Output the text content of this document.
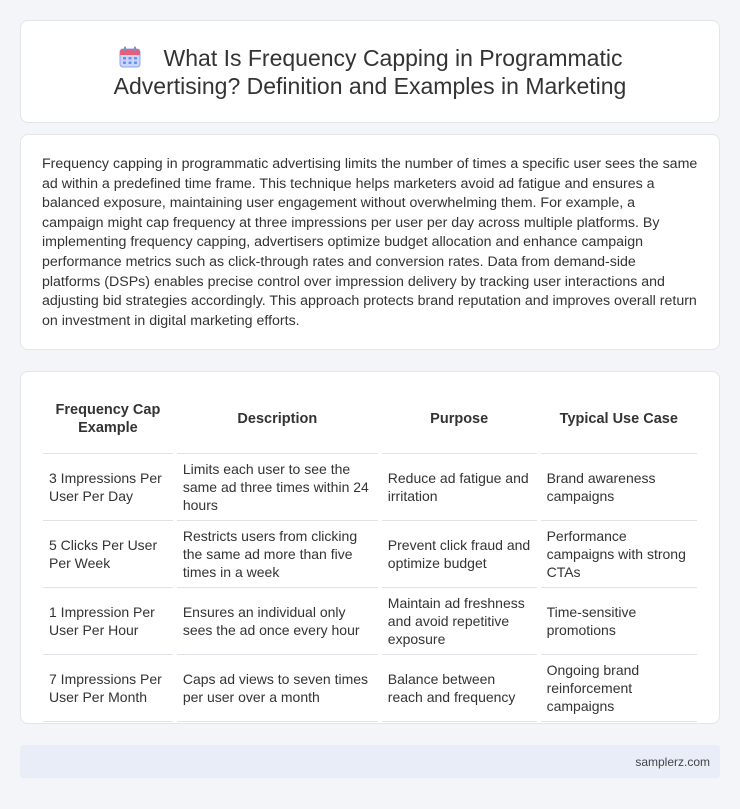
What Is Frequency Capping in Programmatic Advertising? Definition and Examples in Marketing

Frequency capping in programmatic advertising limits the number of times a specific user sees the same ad within a predefined time frame. This technique helps marketers avoid ad fatigue and ensures a balanced exposure, maintaining user engagement without overwhelming them. For example, a campaign might cap frequency at three impressions per user per day across multiple platforms. By implementing frequency capping, advertisers optimize budget allocation and enhance campaign performance metrics such as click-through rates and conversion rates. Data from demand-side platforms (DSPs) enables precise control over impression delivery by tracking user interactions and adjusting bid strategies accordingly. This approach protects brand reputation and improves overall return on investment in digital marketing efforts.

Frequency Cap Example	Description	Purpose	Typical Use Case
3 Impressions Per User Per Day	Limits each user to see the same ad three times within 24 hours	Reduce ad fatigue and irritation	Brand awareness campaigns
5 Clicks Per User Per Week	Restricts users from clicking the same ad more than five times in a week	Prevent click fraud and optimize budget	Performance campaigns with strong CTAs
1 Impression Per User Per Hour	Ensures an individual only sees the ad once every hour	Maintain ad freshness and avoid repetitive exposure	Time-sensitive promotions
7 Impressions Per User Per Month	Caps ad views to seven times per user over a month	Balance between reach and frequency	Ongoing brand reinforcement campaigns
samplerz.com
